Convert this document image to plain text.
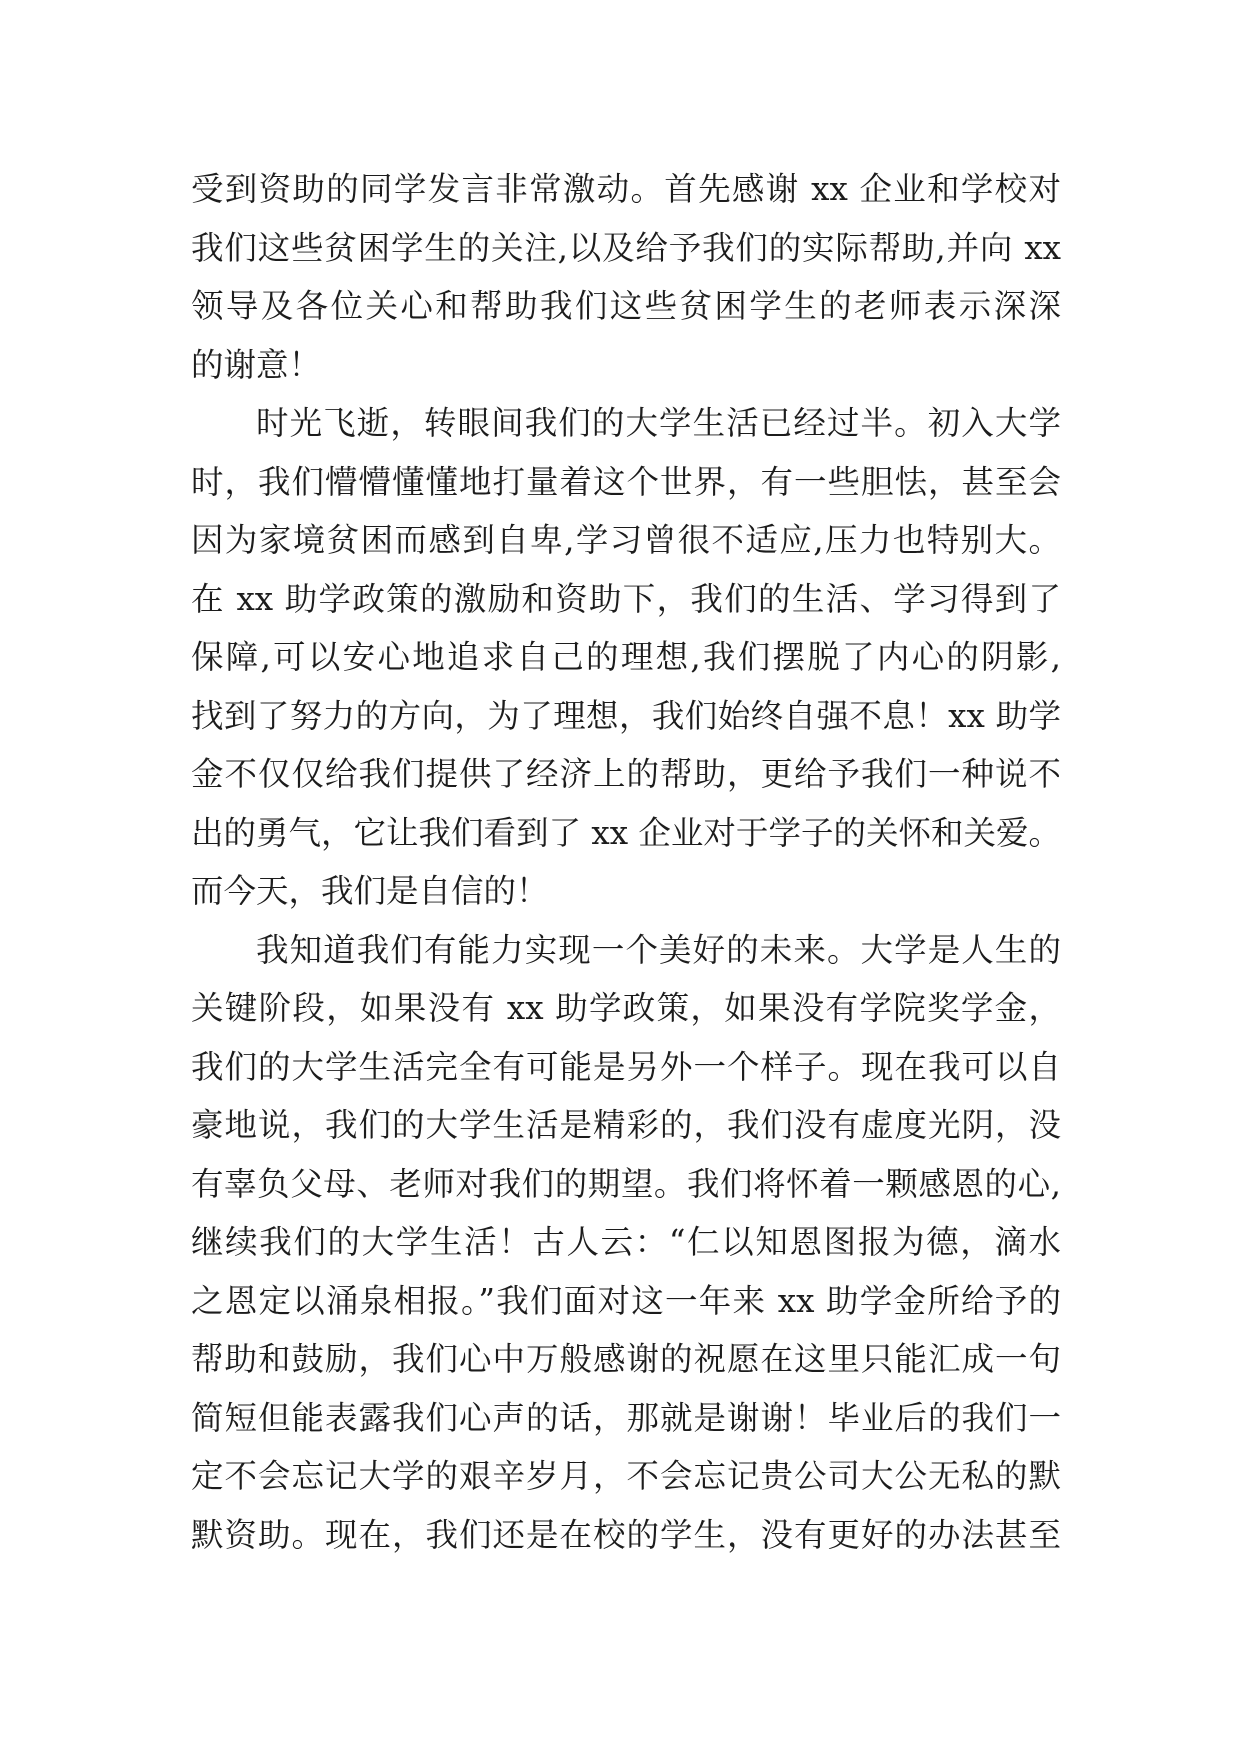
受到资助的同学发言非常激动。首先感谢 xx 企业和学校对
我们这些贫困学生的关注,以及给予我们的实际帮助,并向 xx
领导及各位关心和帮助我们这些贫困学生的老师表示深深
的谢意！
时光飞逝，转眼间我们的大学生活已经过半。初入大学
时，我们懵懵懂懂地打量着这个世界，有一些胆怯，甚至会
因为家境贫困而感到自卑,学习曾很不适应,压力也特别大。
在 xx 助学政策的激励和资助下，我们的生活、学习得到了
保障,可以安心地追求自己的理想,我们摆脱了内心的阴影,
找到了努力的方向，为了理想，我们始终自强不息！xx 助学
金不仅仅给我们提供了经济上的帮助，更给予我们一种说不
出的勇气，它让我们看到了 xx 企业对于学子的关怀和关爱。
而今天，我们是自信的！
我知道我们有能力实现一个美好的未来。大学是人生的
关键阶段，如果没有 xx 助学政策，如果没有学院奖学金，
我们的大学生活完全有可能是另外一个样子。现在我可以自
豪地说，我们的大学生活是精彩的，我们没有虚度光阴，没
有辜负父母、老师对我们的期望。我们将怀着一颗感恩的心,
继续我们的大学生活！古人云：“仁以知恩图报为德，滴水
之恩定以涌泉相报。”我们面对这一年来 xx 助学金所给予的
帮助和鼓励，我们心中万般感谢的祝愿在这里只能汇成一句
简短但能表露我们心声的话，那就是谢谢！毕业后的我们一
定不会忘记大学的艰辛岁月，不会忘记贵公司大公无私的默
默资助。现在，我们还是在校的学生，没有更好的办法甚至
